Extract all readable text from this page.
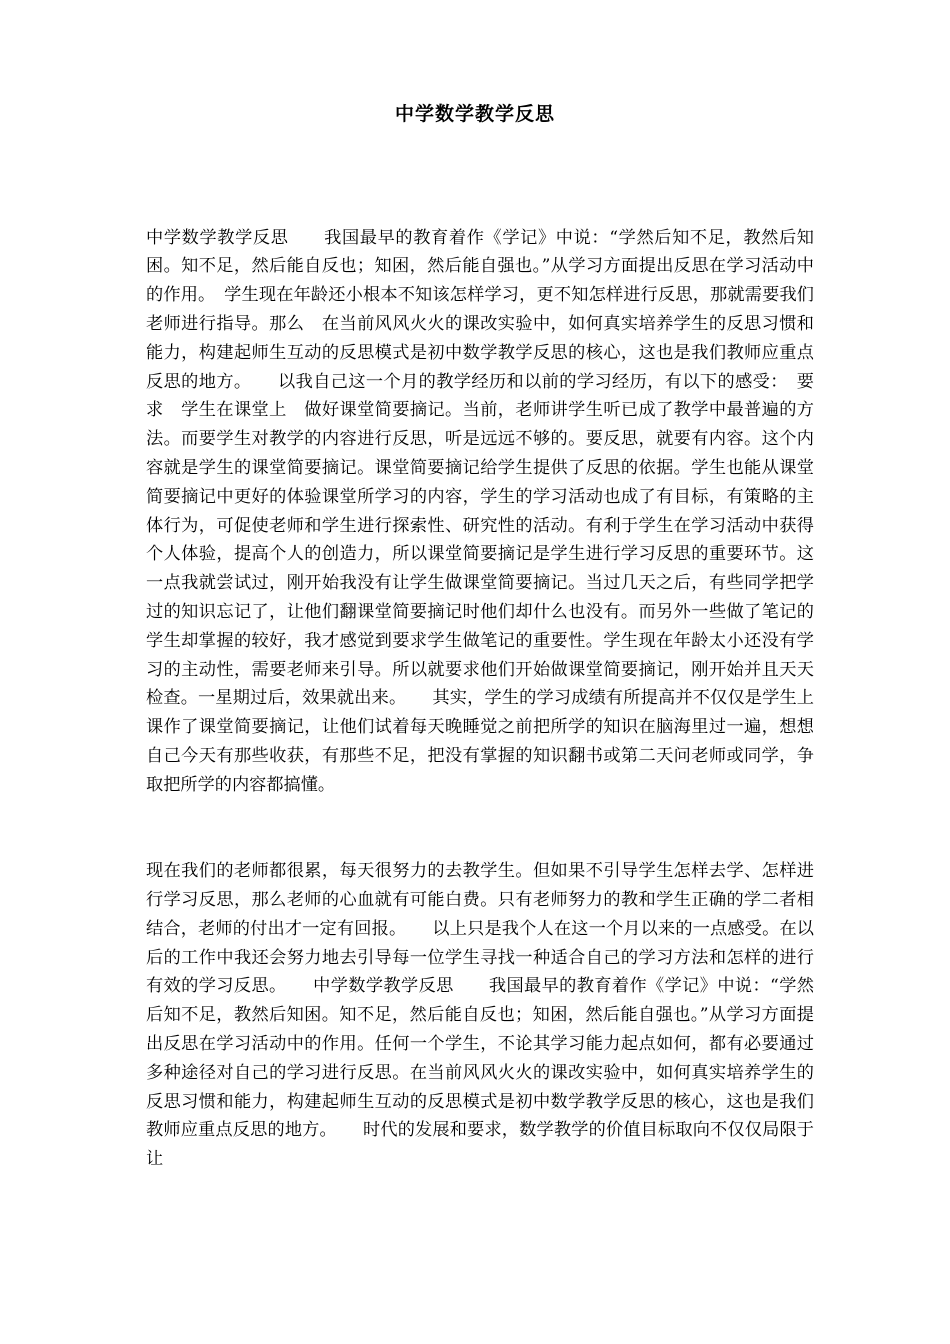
中学数学教学反思

中学数学教学反思　　我国最早的教育着作《学记》中说：“学然后知不足，教然后知困。知不足，然后能自反也；知困，然后能自强也。”从学习方面提出反思在学习活动中的作用。　学生现在年龄还小根本不知该怎样学习，更不知怎样进行反思，那就需要我们老师进行指导。那么　在当前风风火火的课改实验中，如何真实培养学生的反思习惯和能力，构建起师生互动的反思模式是初中数学教学反思的核心，这也是我们教师应重点反思的地方。　　以我自己这一个月的教学经历和以前的学习经历，有以下的感受：　要求　学生在课堂上　做好课堂简要摘记。当前，老师讲学生听已成了教学中最普遍的方法。而要学生对教学的内容进行反思，听是远远不够的。要反思，就要有内容。这个内容就是学生的课堂简要摘记。课堂简要摘记给学生提供了反思的依据。学生也能从课堂简要摘记中更好的体验课堂所学习的内容，学生的学习活动也成了有目标，有策略的主体行为，可促使老师和学生进行探索性、研究性的活动。有利于学生在学习活动中获得个人体验，提高个人的创造力，所以课堂简要摘记是学生进行学习反思的重要环节。这一点我就尝试过，刚开始我没有让学生做课堂简要摘记。当过几天之后，有些同学把学过的知识忘记了，让他们翻课堂简要摘记时他们却什么也没有。而另外一些做了笔记的学生却掌握的较好，我才感觉到要求学生做笔记的重要性。学生现在年龄太小还没有学习的主动性，需要老师来引导。所以就要求他们开始做课堂简要摘记，刚开始并且天天检查。一星期过后，效果就出来。　　其实，学生的学习成绩有所提高并不仅仅是学生上课作了课堂简要摘记，让他们试着每天晚睡觉之前把所学的知识在脑海里过一遍，想想自己今天有那些收获，有那些不足，把没有掌握的知识翻书或第二天问老师或同学，争取把所学的内容都搞懂。

现在我们的老师都很累，每天很努力的去教学生。但如果不引导学生怎样去学、怎样进行学习反思，那么老师的心血就有可能白费。只有老师努力的教和学生正确的学二者相结合，老师的付出才一定有回报。　　以上只是我个人在这一个月以来的一点感受。在以后的工作中我还会努力地去引导每一位学生寻找一种适合自己的学习方法和怎样的进行有效的学习反思。　　中学数学教学反思　　我国最早的教育着作《学记》中说：“学然后知不足，教然后知困。知不足，然后能自反也；知困，然后能自强也。”从学习方面提出反思在学习活动中的作用。任何一个学生，不论其学习能力起点如何，都有必要通过多种途径对自己的学习进行反思。在当前风风火火的课改实验中，如何真实培养学生的反思习惯和能力，构建起师生互动的反思模式是初中数学教学反思的核心，这也是我们教师应重点反思的地方。　　时代的发展和要求，数学教学的价值目标取向不仅仅局限于让
